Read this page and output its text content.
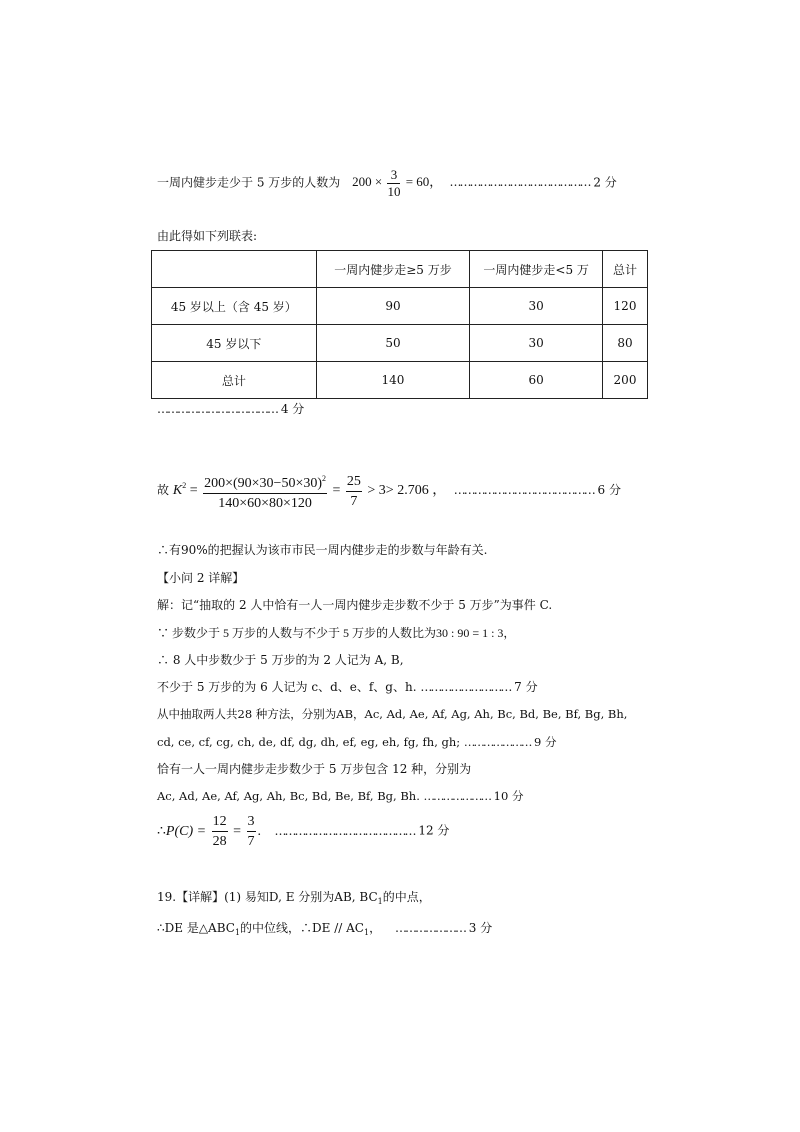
一周内健步走少于 5 万步的人数为 $200 \times \frac{3}{10} = 60$， …………………………………… 2 分
由此得如下列联表:
	一周内健步走≥5 万步	一周内健步走<5 万	总计
45 岁以上（含 45 岁）	90	30	120
45 岁以下	50	30	80
总计	140	60	200
……………………………… 4 分
故 $K^2 = \frac{200\times(90\times 30-50\times 30)^2}{140\times 60\times 80\times 120} = \frac{25}{7} > 3> 2.706$ ， …………………………………… 6 分
∴有90%的把握认为该市市民一周内健步走的步数与年龄有关.
【小问 2 详解】
解：记“抽取的 2 人中恰有一人一周内健步走步数不少于 5 万步”为事件 C.
∵ 步数少于 5 万步的人数与不少于 5 万步的人数比为30 : 90 = 1 : 3，
∴ 8 人中步数少于 5 万步的为 2 人记为 A, B,
不少于 5 万步的为 6 人记为 c、d、e、f、g、h. ……………………… 7 分
从中抽取两人共28 种方法，分别为AB，Ac, Ad, Ae, Af, Ag, Ah, Bc, Bd, Be, Bf, Bg, Bh,
cd, ce, cf, cg, ch, de, df, dg, dh, ef, eg, eh, fg, fh, gh; ………………… 9 分
恰有一人一周内健步走步数少于 5 万步包含 12 种，分别为
Ac, Ad, Ae, Af, Ag, Ah, Bc, Bd, Be, Bf, Bg, Bh. ………………… 10 分
∴P(C) = $\frac{12}{28} = \frac{3}{7}$ . …………………………………… 12 分
19.【详解】(1) 易知D, E 分别为AB, $BC_1$的中点，
∴DE 是$\triangle ABC_1$的中位线，∴DE // $AC_1$， ………………… 3 分
